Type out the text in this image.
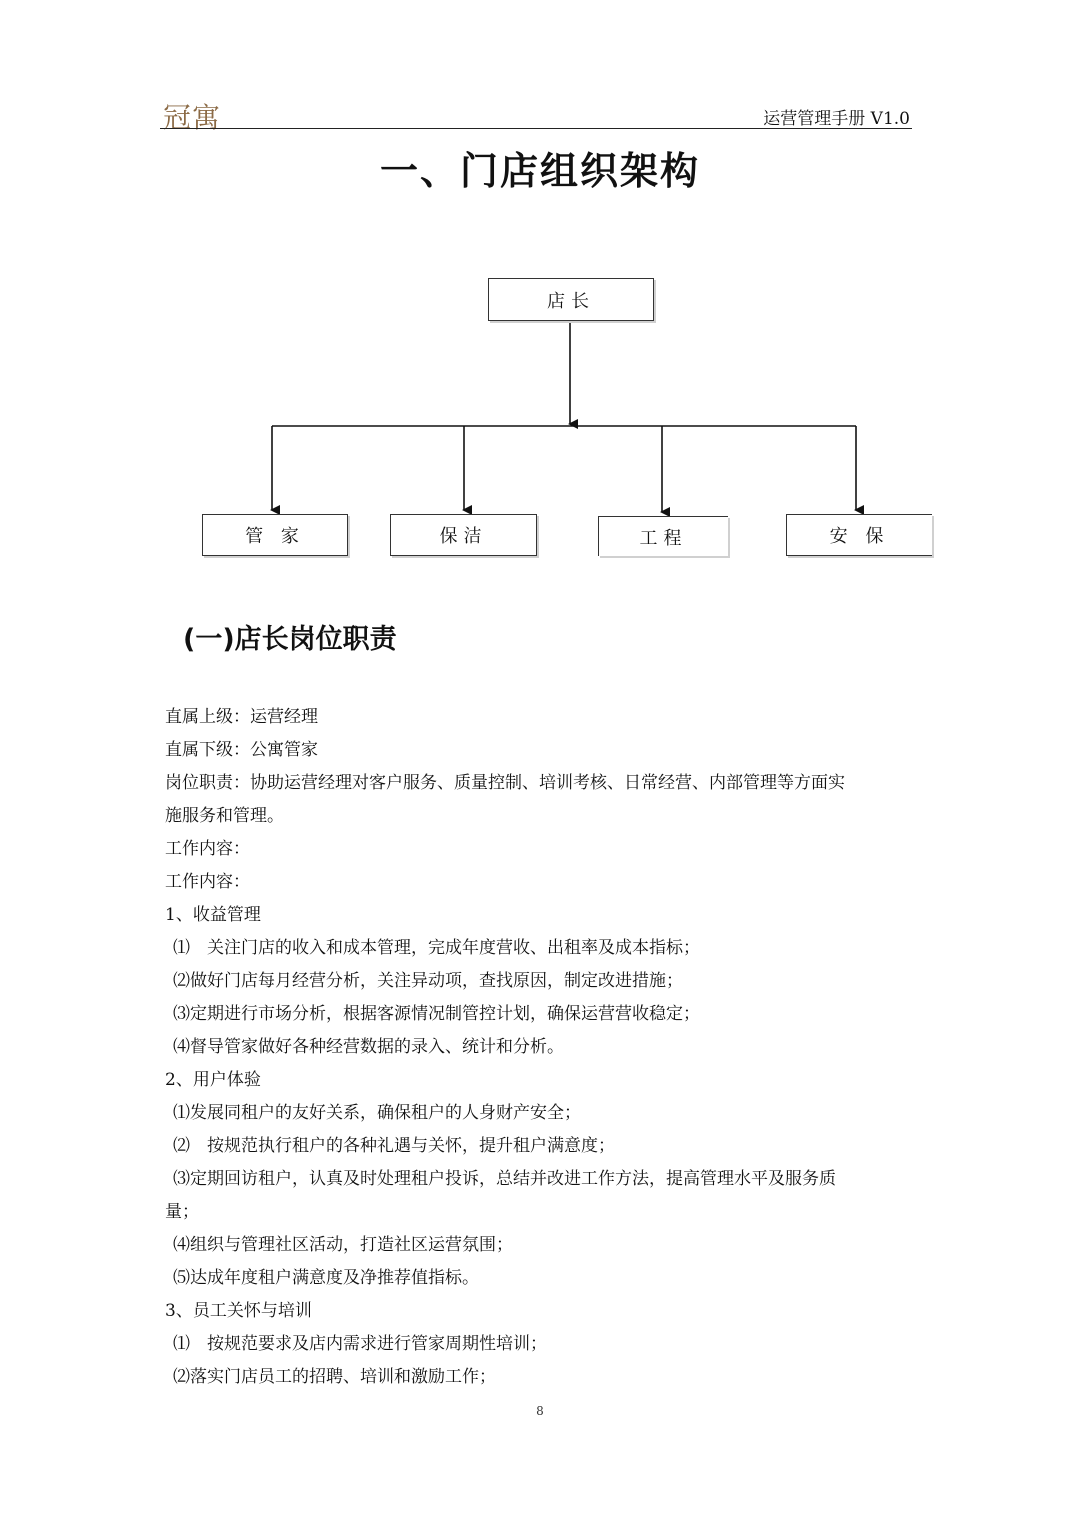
冠寓	运营管理手册 V1.0
一、门店组织架构
店长
管 家	保洁	工程	安 保
(一)店长岗位职责

直属上级：运营经理

直属下级：公寓管家

岗位职责：协助运营经理对客户服务、质量控制、培训考核、日常经营、内部管理等方面实

施服务和管理。

工作内容：

工作内容：

1、收益管理

⑴　关注门店的收入和成本管理，完成年度营收、出租率及成本指标；

⑵做好门店每月经营分析，关注异动项，查找原因，制定改进措施；

⑶定期进行市场分析，根据客源情况制管控计划，确保运营营收稳定；

⑷督导管家做好各种经营数据的录入、统计和分析。

2、用户体验

⑴发展同租户的友好关系，确保租户的人身财产安全；

⑵　按规范执行租户的各种礼遇与关怀，提升租户满意度；

⑶定期回访租户，认真及时处理租户投诉，总结并改进工作方法，提高管理水平及服务质

量；

⑷组织与管理社区活动，打造社区运营氛围；

⑸达成年度租户满意度及净推荐值指标。

3、员工关怀与培训

⑴　按规范要求及店内需求进行管家周期性培训；

⑵落实门店员工的招聘、培训和激励工作；

8
